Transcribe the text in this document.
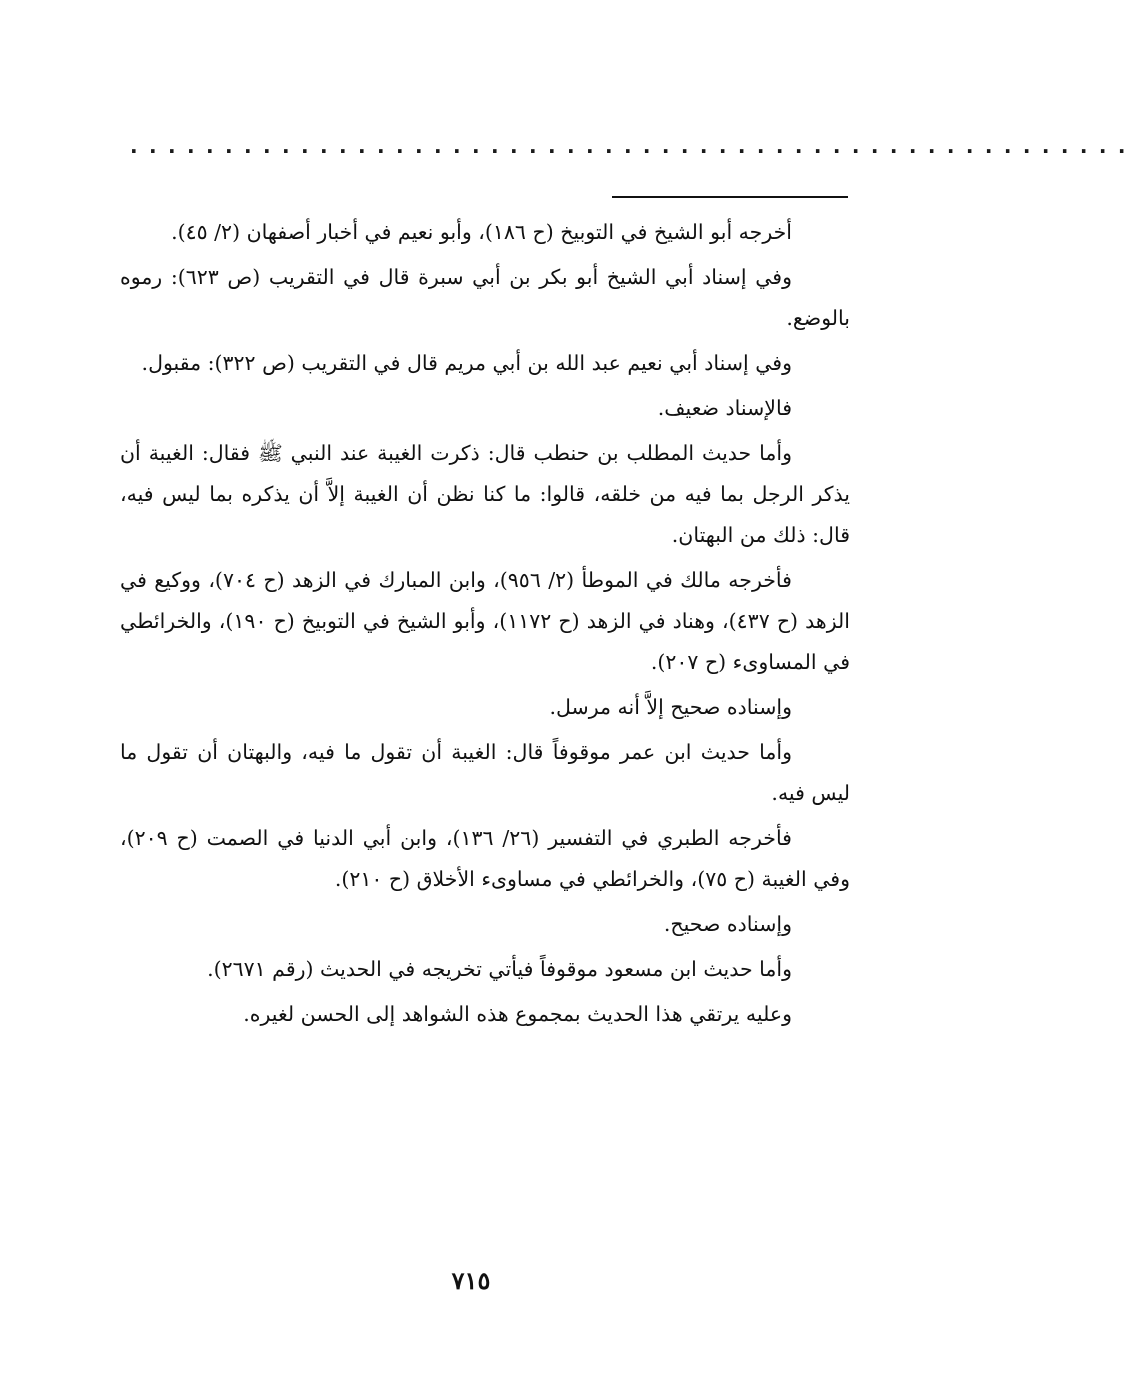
.....................................................

أخرجه أبو الشيخ في التوبيخ (ح ١٨٦)، وأبو نعيم في أخبار أصفهان (٢/ ٤٥).

وفي إسناد أبي الشيخ أبو بكر بن أبي سبرة قال في التقريب (ص ٦٢٣): رموه بالوضع.

وفي إسناد أبي نعيم عبد الله بن أبي مريم قال في التقريب (ص ٣٢٢): مقبول.

فالإسناد ضعيف.

وأما حديث المطلب بن حنطب قال: ذكرت الغيبة عند النبي ﷺ فقال: الغيبة أن يذكر الرجل بما فيه من خلقه، قالوا: ما كنا نظن أن الغيبة إلاَّ أن يذكره بما ليس فيه، قال: ذلك من البهتان.

فأخرجه مالك في الموطأ (٢/ ٩٥٦)، وابن المبارك في الزهد (ح ٧٠٤)، ووكيع في الزهد (ح ٤٣٧)، وهناد في الزهد (ح ١١٧٢)، وأبو الشيخ في التوبيخ (ح ١٩٠)، والخرائطي في المساوىء (ح ٢٠٧).

وإسناده صحيح إلاَّ أنه مرسل.

وأما حديث ابن عمر موقوفاً قال: الغيبة أن تقول ما فيه، والبهتان أن تقول ما ليس فيه.

فأخرجه الطبري في التفسير (٢٦/ ١٣٦)، وابن أبي الدنيا في الصمت (ح ٢٠٩)، وفي الغيبة (ح ٧٥)، والخرائطي في مساوىء الأخلاق (ح ٢١٠).

وإسناده صحيح.

وأما حديث ابن مسعود موقوفاً فيأتي تخريجه في الحديث (رقم ٢٦٧١).

وعليه يرتقي هذا الحديث بمجموع هذه الشواهد إلى الحسن لغيره.

٧١٥
